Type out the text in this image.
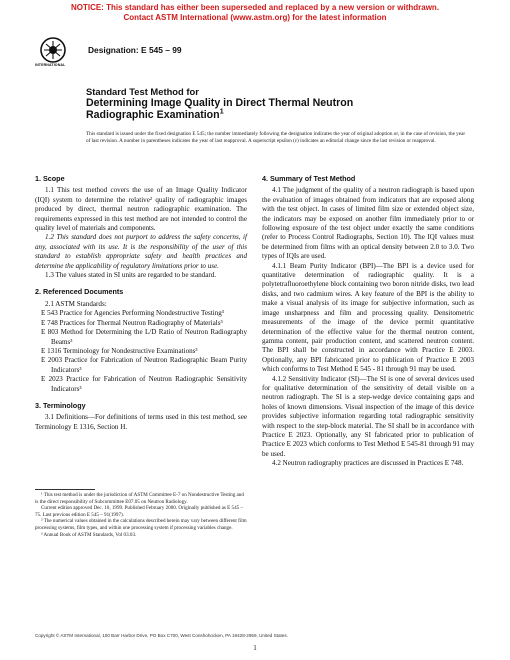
NOTICE: This standard has either been superseded and replaced by a new version or withdrawn.
Contact ASTM International (www.astm.org) for the latest information
INTERNATIONAL
Designation: E 545 – 99
Standard Test Method for
Determining Image Quality in Direct Thermal Neutron
Radiographic Examination$^1$
This standard is issued under the fixed designation E 545; the number immediately following the designation indicates the year of original adoption or, in the case of revision, the year of last revision. A number in parentheses indicates the year of last reapproval. A superscript epsilon (ε) indicates an editorial change since the last revision or reapproval.
1. Scope

1.1 This test method covers the use of an Image Quality Indicator (IQI) system to determine the relative² quality of radiographic images produced by direct, thermal neutron radiographic examination. The requirements expressed in this test method are not intended to control the quality level of materials and components.

1.2 This standard does not purport to address the safety concerns, if any, associated with its use. It is the responsibility of the user of this standard to establish appropriate safety and health practices and determine the applicability of regulatory limitations prior to use.

1.3 The values stated in SI units are regarded to be standard.

2. Referenced Documents

2.1 ASTM Standards:

E 543 Practice for Agencies Performing Nondestructive Testing³

E 748 Practices for Thermal Neutron Radiography of Materials³

E 803 Method for Determining the L/D Ratio of Neutron Radiography Beams³

E 1316 Terminology for Nondestructive Examinations³

E 2003 Practice for Fabrication of Neutron Radiographic Beam Purity Indicators³

E 2023 Practice for Fabrication of Neutron Radiographic Sensitivity Indicators³

3. Terminology

3.1 Definitions—For definitions of terms used in this test method, see Terminology E 1316, Section H.

4. Summary of Test Method

4.1 The judgment of the quality of a neutron radiograph is based upon the evaluation of images obtained from indicators that are exposed along with the test object. In cases of limited film size or extended object size, the indicators may be exposed on another film immediately prior to or following exposure of the test object under exactly the same conditions (refer to Process Control Radiographs, Section 10). The IQI values must be determined from films with an optical density between 2.0 to 3.0. Two types of IQIs are used.

4.1.1 Beam Purity Indicator (BPI)—The BPI is a device used for quantitative determination of radiographic quality. It is a polytetrafluoroethylene block containing two boron nitride disks, two lead disks, and two cadmium wires. A key feature of the BPI is the ability to make a visual analysis of its image for subjective information, such as image unsharpness and film and processing quality. Densitometric measurements of the image of the device permit quantitative determination of the effective value for the thermal neutron content, gamma content, pair production content, and scattered neutron content. The BPI shall be constructed in accordance with Practice E 2003. Optionally, any BPI fabricated prior to publication of Practice E 2003 which conforms to Test Method E 545 - 81 through 91 may be used.

4.1.2 Sensitivity Indicator (SI)—The SI is one of several devices used for qualitative determination of the sensitivity of detail visible on a neutron radiograph. The SI is a step-wedge device containing gaps and holes of known dimensions. Visual inspection of the image of this device provides subjective information regarding total radiographic sensitivity with respect to the step-block material. The SI shall be in accordance with Practice E 2023. Optionally, any SI fabricated prior to publication of Practice E 2023 which conforms to Test Method E 545-81 through 91 may be used.

4.2 Neutron radiography practices are discussed in Practices E 748.

¹ This test method is under the jurisdiction of ASTM Committee E-7 on Nondestructive Testing and is the direct responsibility of Subcommittee E07.05 on Neutron Radiology.

Current edition approved Dec. 10, 1999. Published February 2000. Originally published as E 545 – 75. Last previous edition E 545 – 91(1997).

² The numerical values obtained in the calculations described herein may vary between different film processing systems, film types, and within one processing system if processing variables change.

³ Annual Book of ASTM Standards, Vol 03.03.

Copyright © ASTM International, 100 Barr Harbor Drive, PO Box C700, West Conshohocken, PA 19428-2959, United States.
1
